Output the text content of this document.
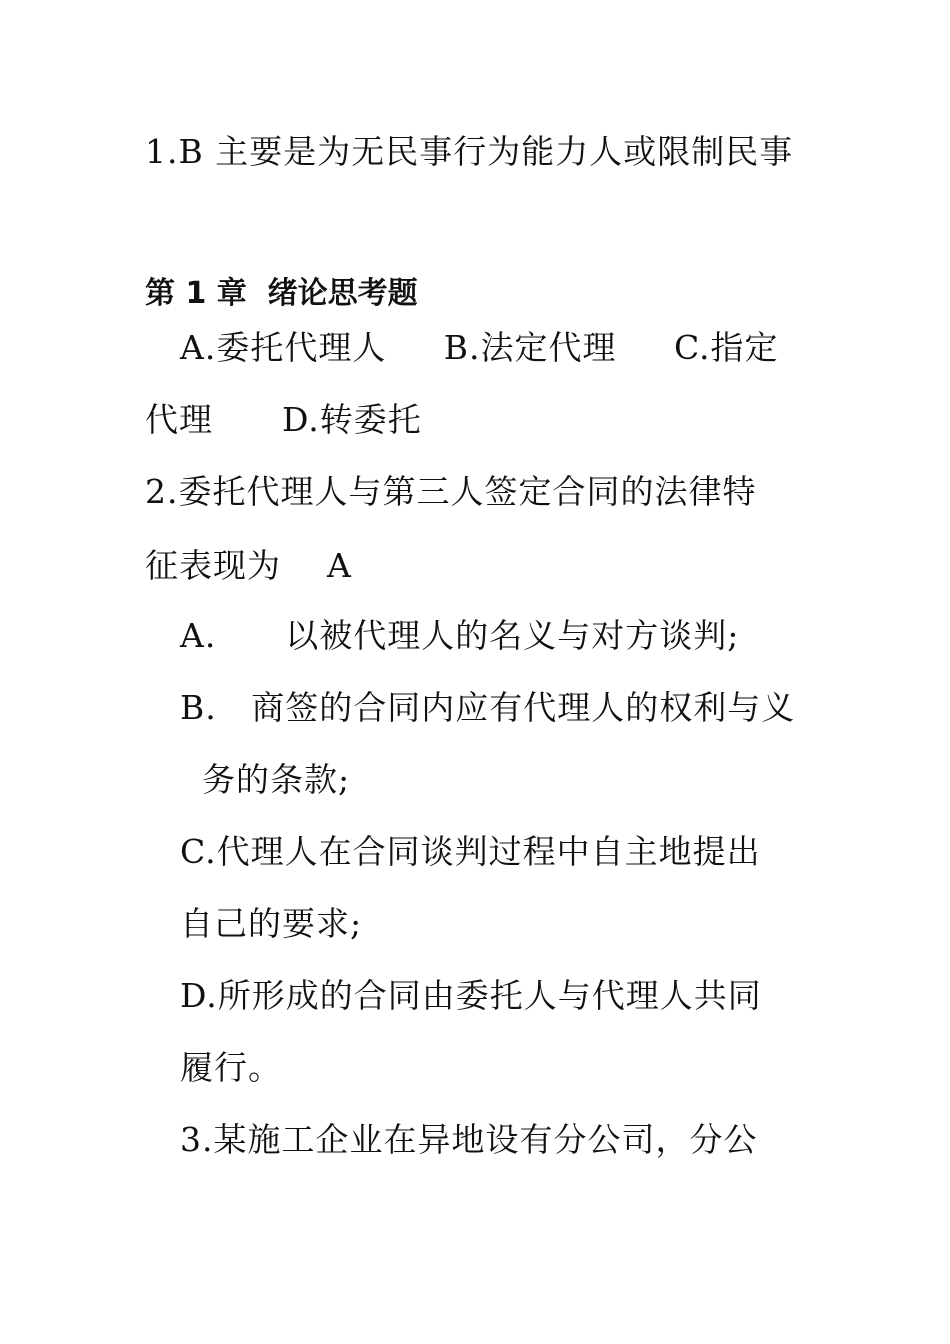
1.B 主要是为无民事行为能力人或限制民事
第 1 章  绪论思考题
A.委托代理人     B.法定代理     C.指定
代理      D.转委托
2.委托代理人与第三人签定合同的法律特
征表现为    A
A.      以被代理人的名义与对方谈判;
B.   商签的合同内应有代理人的权利与义
务的条款;
C.代理人在合同谈判过程中自主地提出
自己的要求;
D.所形成的合同由委托人与代理人共同
履行。
3.某施工企业在异地设有分公司，分公
